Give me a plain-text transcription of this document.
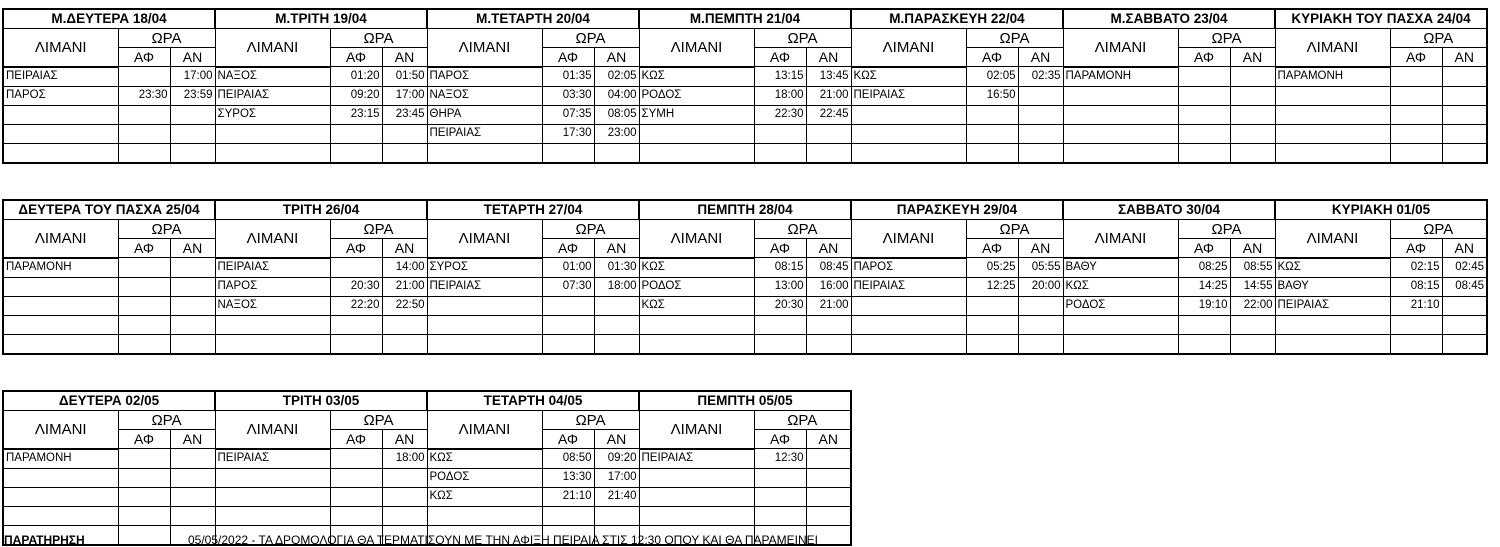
Μ.ΔΕΥΤΕΡΑ 18/04			Μ.ΤΡΙΤΗ 19/04			Μ.ΤΕΤΑΡΤΗ 20/04			Μ.ΠΕΜΠΤΗ 21/04			Μ.ΠΑΡΑΣΚΕΥΗ 22/04			Μ.ΣΑΒΒΑΤΟ 23/04			ΚΥΡΙΑΚΗ ΤΟΥ ΠΑΣΧΑ 24/04		
ΛΙΜΑΝΙ	ΩΡΑ		ΛΙΜΑΝΙ	ΩΡΑ		ΛΙΜΑΝΙ	ΩΡΑ		ΛΙΜΑΝΙ	ΩΡΑ		ΛΙΜΑΝΙ	ΩΡΑ		ΛΙΜΑΝΙ	ΩΡΑ		ΛΙΜΑΝΙ	ΩΡΑ	
	ΑΦ	ΑΝ		ΑΦ	ΑΝ		ΑΦ	ΑΝ		ΑΦ	ΑΝ		ΑΦ	ΑΝ		ΑΦ	ΑΝ		ΑΦ	ΑΝ
ΠΕΙΡΑΙΑΣ		17:00	ΝΑΞΟΣ	01:20	01:50	ΠΑΡΟΣ	01:35	02:05	ΚΩΣ	13:15	13:45	ΚΩΣ	02:05	02:35	ΠΑΡΑΜΟΝΗ			ΠΑΡΑΜΟΝΗ		
ΠΑΡΟΣ	23:30	23:59	ΠΕΙΡΑΙΑΣ	09:20	17:00	ΝΑΞΟΣ	03:30	04:00	ΡΟΔΟΣ	18:00	21:00	ΠΕΙΡΑΙΑΣ	16:50							
			ΣΥΡΟΣ	23:15	23:45	ΘΗΡΑ	07:35	08:05	ΣΥΜΗ	22:30	22:45									
						ΠΕΙΡΑΙΑΣ	17:30	23:00												

ΔΕΥΤΕΡΑ ΤΟΥ ΠΑΣΧΑ 25/04			ΤΡΙΤΗ 26/04			ΤΕΤΑΡΤΗ 27/04			ΠΕΜΠΤΗ 28/04			ΠΑΡΑΣΚΕΥΗ 29/04			ΣΑΒΒΑΤΟ 30/04			ΚΥΡΙΑΚΗ 01/05		
ΛΙΜΑΝΙ	ΩΡΑ		ΛΙΜΑΝΙ	ΩΡΑ		ΛΙΜΑΝΙ	ΩΡΑ		ΛΙΜΑΝΙ	ΩΡΑ		ΛΙΜΑΝΙ	ΩΡΑ		ΛΙΜΑΝΙ	ΩΡΑ		ΛΙΜΑΝΙ	ΩΡΑ	
	ΑΦ	ΑΝ		ΑΦ	ΑΝ		ΑΦ	ΑΝ		ΑΦ	ΑΝ		ΑΦ	ΑΝ		ΑΦ	ΑΝ		ΑΦ	ΑΝ
ΠΑΡΑΜΟΝΗ			ΠΕΙΡΑΙΑΣ		14:00	ΣΥΡΟΣ	01:00	01:30	ΚΩΣ	08:15	08:45	ΠΑΡΟΣ	05:25	05:55	ΒΑΘΥ	08:25	08:55	ΚΩΣ	02:15	02:45
			ΠΑΡΟΣ	20:30	21:00	ΠΕΙΡΑΙΑΣ	07:30	18:00	ΡΟΔΟΣ	13:00	16:00	ΠΕΙΡΑΙΑΣ	12:25	20:00	ΚΩΣ	14:25	14:55	ΒΑΘΥ	08:15	08:45
			ΝΑΞΟΣ	22:20	22:50				ΚΩΣ	20:30	21:00				ΡΟΔΟΣ	19:10	22:00	ΠΕΙΡΑΙΑΣ	21:10	

ΔΕΥΤΕΡΑ 02/05			ΤΡΙΤΗ 03/05			ΤΕΤΑΡΤΗ 04/05			ΠΕΜΠΤΗ 05/05		
ΛΙΜΑΝΙ	ΩΡΑ		ΛΙΜΑΝΙ	ΩΡΑ		ΛΙΜΑΝΙ	ΩΡΑ		ΛΙΜΑΝΙ	ΩΡΑ	
	ΑΦ	ΑΝ		ΑΦ	ΑΝ		ΑΦ	ΑΝ		ΑΦ	ΑΝ
ΠΑΡΑΜΟΝΗ			ΠΕΙΡΑΙΑΣ		18:00	ΚΩΣ	08:50	09:20	ΠΕΙΡΑΙΑΣ	12:30	
						ΡΟΔΟΣ	13:30	17:00			
						ΚΩΣ	21:10	21:40			

ΠΑΡΑΤΗΡΗΣΗ	05/05/2022 - ΤΑ ΔΡΟΜΟΛΟΓΙΑ ΘΑ ΤΕΡΜΑΤΙΣΟΥΝ ΜΕ ΤΗΝ ΑΦΙΞΗ ΠΕΙΡΑΙΑ ΣΤΙΣ 12:30 ΟΠΟΥ ΚΑΙ ΘΑ ΠΑΡΑΜΕΙΝΕΙ
